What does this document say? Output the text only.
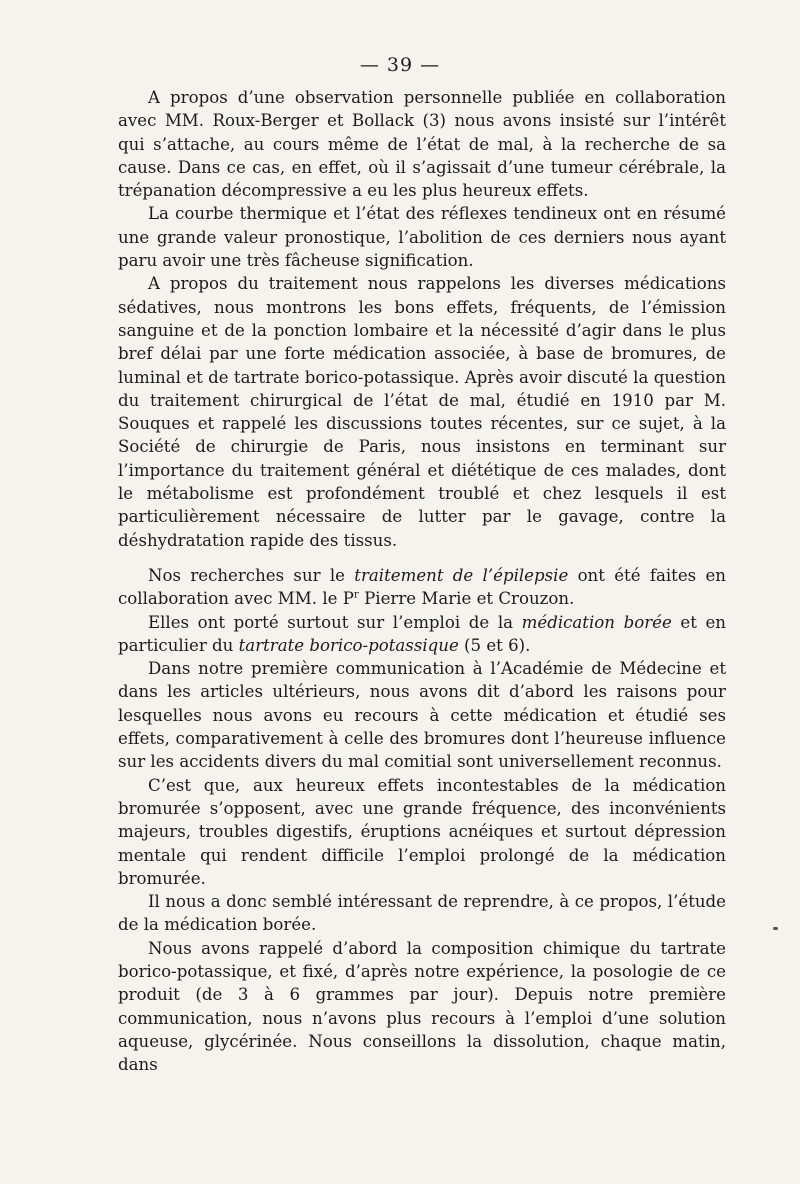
— 39 —

A propos d’une observation personnelle publiée en collaboration avec MM. Roux-Berger et Bollack (3) nous avons insisté sur l’intérêt qui s’attache, au cours même de l’état de mal, à la recherche de sa cause. Dans ce cas, en effet, où il s’agissait d’une tumeur cérébrale, la trépanation décompressive a eu les plus heureux effets.

La courbe thermique et l’état des réflexes tendineux ont en résumé une grande valeur pronostique, l’abolition de ces derniers nous ayant paru avoir une très fâcheuse signification.

A propos du traitement nous rappelons les diverses médications sédatives, nous montrons les bons effets, fréquents, de l’émission sanguine et de la ponction lombaire et la nécessité d’agir dans le plus bref délai par une forte médication associée, à base de bromures, de luminal et de tartrate borico-potassique. Après avoir discuté la question du traitement chirurgical de l’état de mal, étudié en 1910 par M. Souques et rappelé les discussions toutes récentes, sur ce sujet, à la Société de chirurgie de Paris, nous insistons en terminant sur l’importance du traitement général et diététique de ces malades, dont le métabolisme est profondément troublé et chez lesquels il est particulièrement nécessaire de lutter par le gavage, contre la déshydratation rapide des tissus.

Nos recherches sur le traitement de l’épilepsie ont été faites en collaboration avec MM. le $P^r$ Pierre Marie et Crouzon.

Elles ont porté surtout sur l’emploi de la médication borée et en particulier du tartrate borico-potassique (5 et 6).

Dans notre première communication à l’Académie de Médecine et dans les articles ultérieurs, nous avons dit d’abord les raisons pour lesquelles nous avons eu recours à cette médication et étudié ses effets, comparativement à celle des bromures dont l’heureuse influence sur les accidents divers du mal comitial sont universellement reconnus.

C’est que, aux heureux effets incontestables de la médication bromurée s’opposent, avec une grande fréquence, des inconvénients majeurs, troubles digestifs, éruptions acnéiques et surtout dépression mentale qui rendent difficile l’emploi prolongé de la médication bromurée.

Il nous a donc semblé intéressant de reprendre, à ce propos, l’étude de la médication borée.

Nous avons rappelé d’abord la composition chimique du tartrate borico-potassique, et fixé, d’après notre expérience, la posologie de ce produit (de 3 à 6 grammes par jour). Depuis notre première communication, nous n’avons plus recours à l’emploi d’une solution aqueuse, glycérinée. Nous conseillons la dissolution, chaque matin, dans
